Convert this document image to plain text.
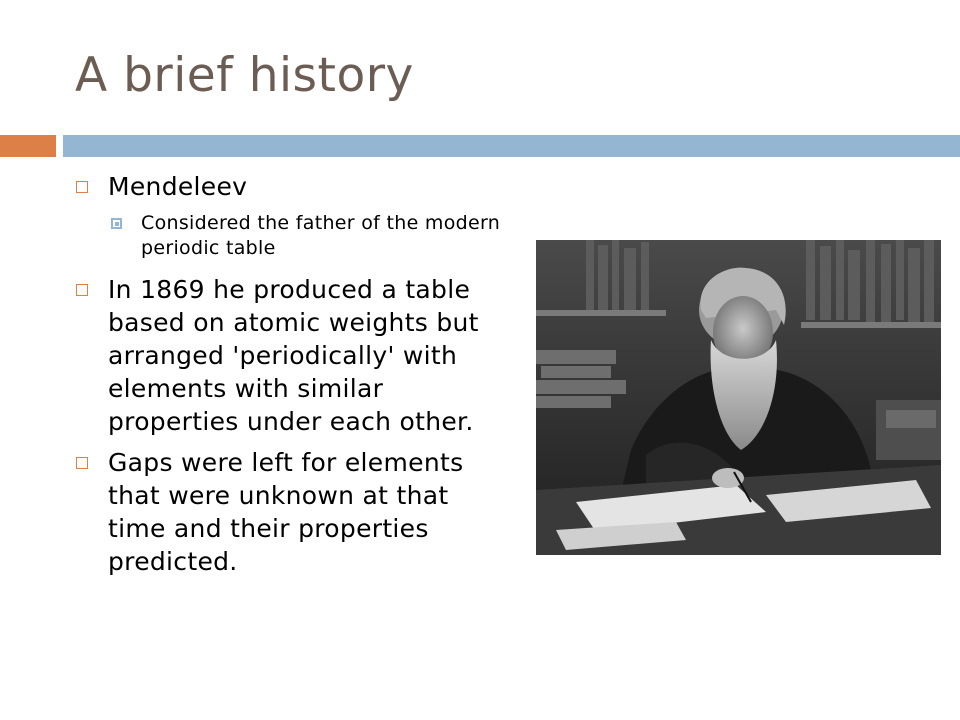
A brief history
Mendeleev
Considered the father of the modern periodic table
In 1869 he produced a table based on atomic weights but arranged 'periodically' with elements with similar properties under each other.
Gaps were left for elements that were unknown at that time and their properties predicted.
